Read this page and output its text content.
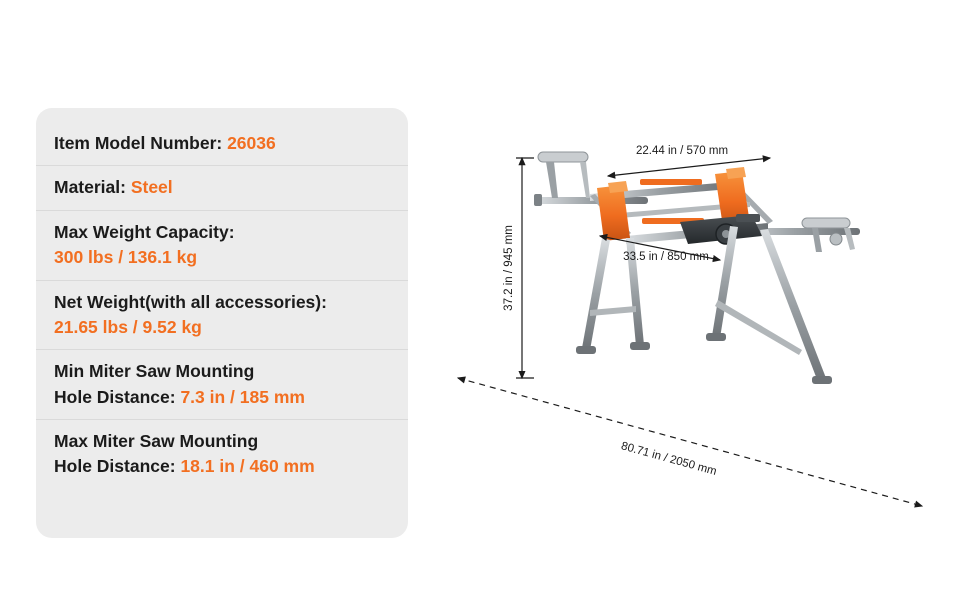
Item Model Number: 26036
Material: Steel
Max Weight Capacity:
300 lbs / 136.1 kg
Net Weight(with all accessories):
21.65 lbs / 9.52 kg
Min Miter Saw Mounting
Hole Distance: 7.3 in / 185 mm
Max Miter Saw Mounting
Hole Distance: 18.1 in / 460 mm
22.44 in / 570 mm
33.5 in / 850 mm
37.2 in / 945 mm
80.71 in / 2050 mm
